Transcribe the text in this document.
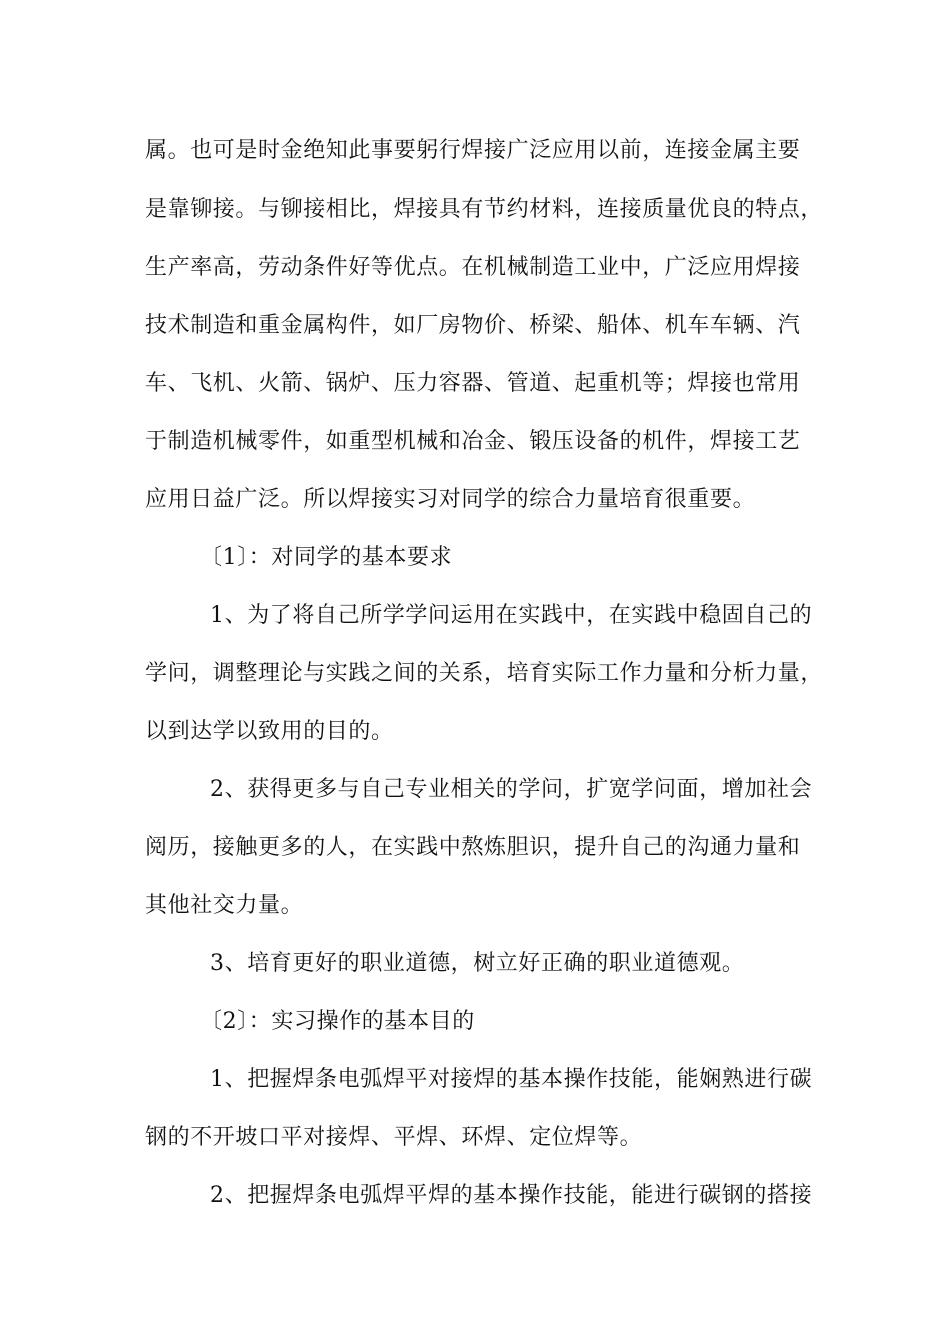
属。也可是时金绝知此事要躬行焊接广泛应用以前，连接金属主要
是靠铆接。与铆接相比，焊接具有节约材料，连接质量优良的特点，
生产率高，劳动条件好等优点。在机械制造工业中，广泛应用焊接
技术制造和重金属构件，如厂房物价、桥梁、船体、机车车辆、汽
车、飞机、火箭、锅炉、压力容器、管道、起重机等；焊接也常用
于制造机械零件，如重型机械和冶金、锻压设备的机件，焊接工艺
应用日益广泛。所以焊接实习对同学的综合力量培育很重要。
〔1〕：对同学的基本要求
1、为了将自己所学学问运用在实践中，在实践中稳固自己的
学问，调整理论与实践之间的关系，培育实际工作力量和分析力量，
以到达学以致用的目的。
2、获得更多与自己专业相关的学问，扩宽学问面，增加社会
阅历，接触更多的人，在实践中熬炼胆识，提升自己的沟通力量和
其他社交力量。
3、培育更好的职业道德，树立好正确的职业道德观。
〔2〕：实习操作的基本目的
1、把握焊条电弧焊平对接焊的基本操作技能，能娴熟进行碳
钢的不开坡口平对接焊、平焊、环焊、定位焊等。
2、把握焊条电弧焊平焊的基本操作技能，能进行碳钢的搭接
